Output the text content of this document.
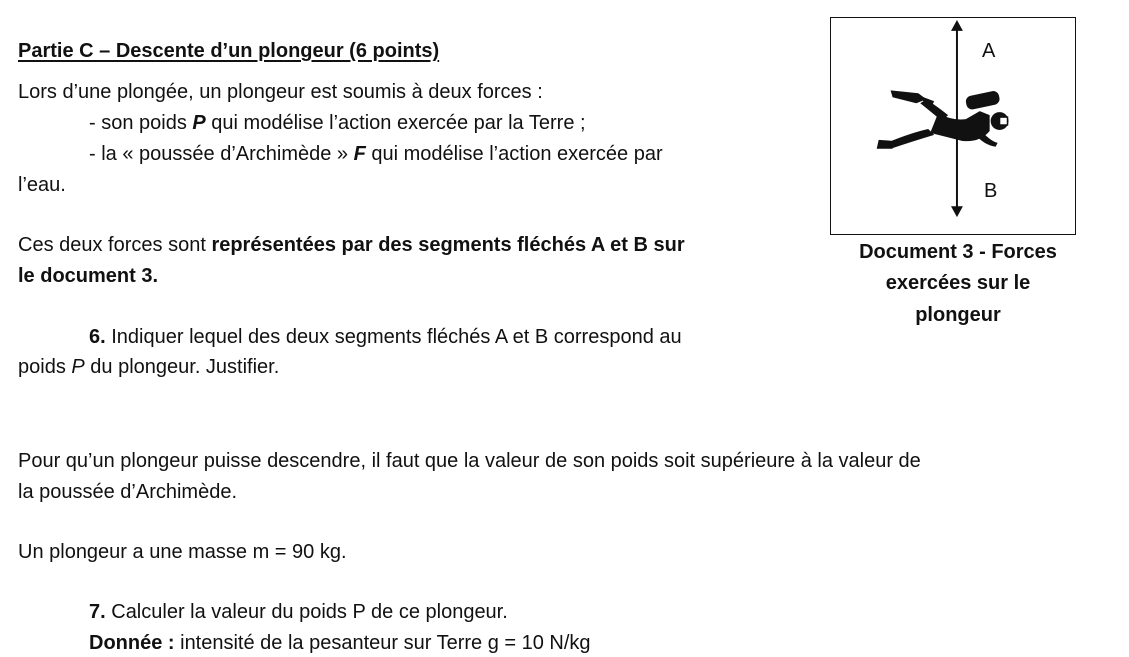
Partie C – Descente d’un plongeur (6 points)
Lors d’une plongée, un plongeur est soumis à deux forces :
- son poids P qui modélise l’action exercée par la Terre ;
- la « poussée d’Archimède » F qui modélise l’action exercée par
l’eau.
Ces deux forces sont représentées par des segments fléchés A et B sur
le document 3.
6. Indiquer lequel des deux segments fléchés A et B correspond au
poids P du plongeur. Justifier.
Pour qu’un plongeur puisse descendre, il faut que la valeur de son poids soit supérieure à la valeur de
la poussée d’Archimède.
Un plongeur a une masse m = 90 kg.
7. Calculer la valeur du poids P de ce plongeur.
Donnée : intensité de la pesanteur sur Terre g = 10 N/kg
A
B
Document 3 - Forces
exercées sur le
plongeur
